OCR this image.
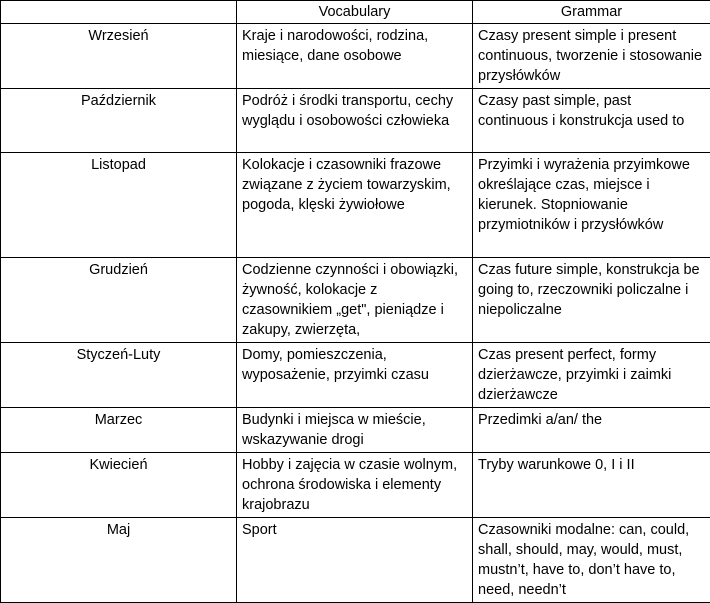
	Vocabulary	Grammar
Wrzesień	Kraje i narodowości, rodzina, miesiące, dane osobowe	Czasy present simple i present continuous, tworzenie i stosowanie przysłówków
Październik	Podróż i środki transportu, cechy wyglądu i osobowości człowieka	Czasy past simple, past continuous i konstrukcja used to
Listopad	Kolokacje i czasowniki frazowe związane z życiem towarzyskim, pogoda, klęski żywiołowe	Przyimki i wyrażenia przyimkowe określające czas, miejsce i kierunek. Stopniowanie przymiotników i przysłówków
Grudzień	Codzienne czynności i obowiązki, żywność, kolokacje z czasownikiem „get", pieniądze i zakupy, zwierzęta,	Czas future simple, konstrukcja be going to, rzeczowniki policzalne i niepoliczalne
Styczeń-Luty	Domy, pomieszczenia, wyposażenie, przyimki czasu	Czas present perfect, formy dzierżawcze, przyimki i zaimki dzierżawcze
Marzec	Budynki i miejsca w mieście, wskazywanie drogi	Przedimki a/an/ the
Kwiecień	Hobby i zajęcia w czasie wolnym, ochrona środowiska i elementy krajobrazu	Tryby warunkowe 0, I i II
Maj	Sport	Czasowniki modalne: can, could, shall, should, may, would, must, mustn’t, have to, don’t have to, need, needn’t
